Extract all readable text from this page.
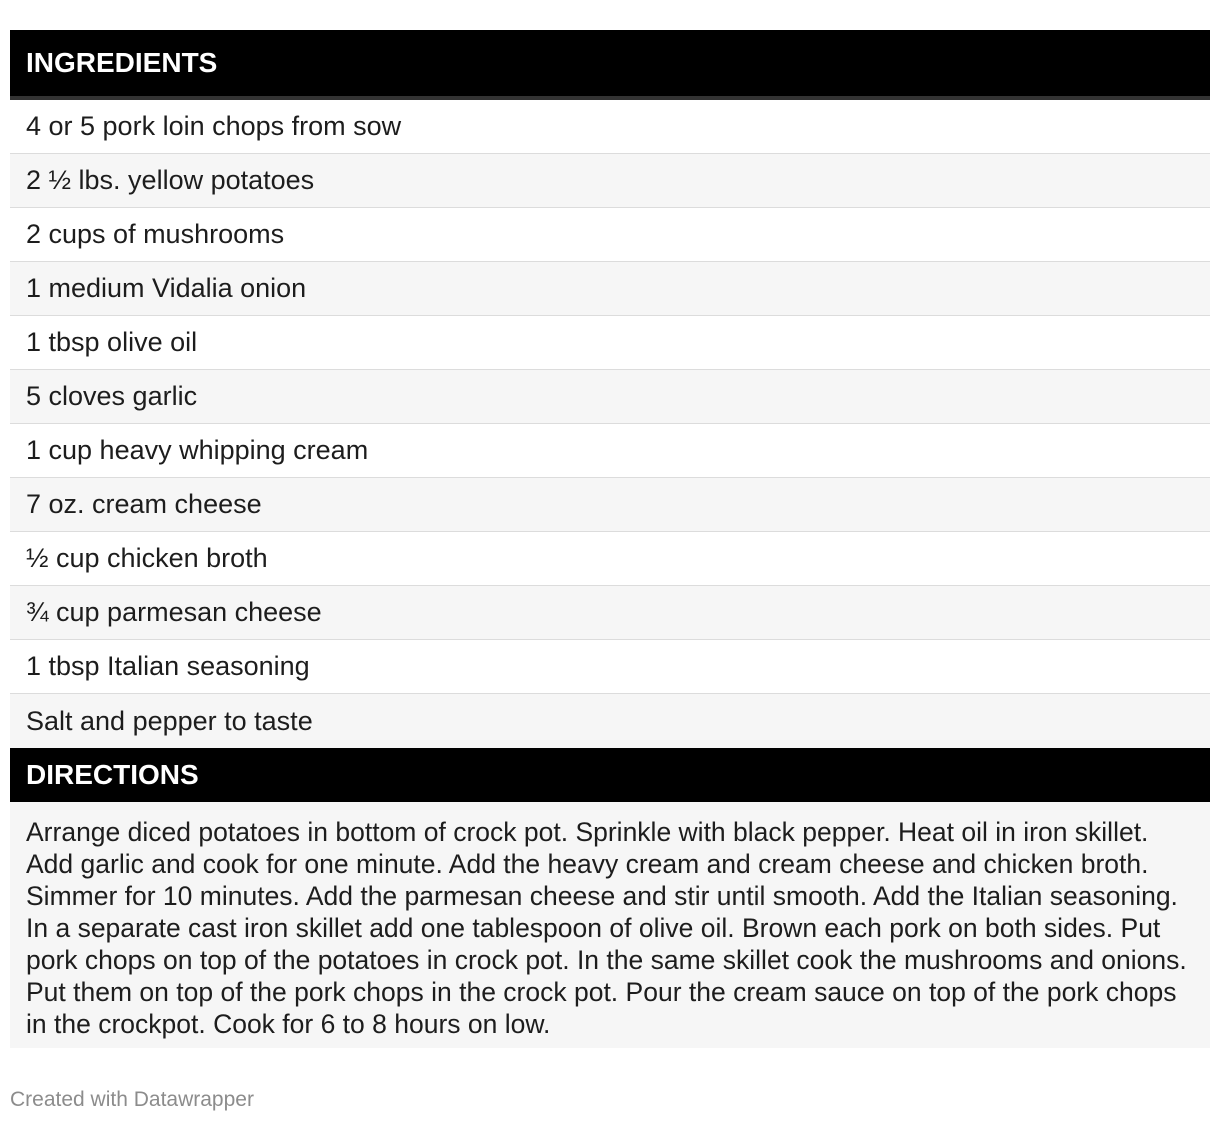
INGREDIENTS
4 or 5 pork loin chops from sow
2 ½ lbs. yellow potatoes
2 cups of mushrooms
1 medium Vidalia onion
1 tbsp olive oil
5 cloves garlic
1 cup heavy whipping cream
7 oz. cream cheese
½ cup chicken broth
¾ cup parmesan cheese
1 tbsp Italian seasoning
Salt and pepper to taste
DIRECTIONS
Arrange diced potatoes in bottom of crock pot. Sprinkle with black pepper. Heat oil in iron skillet. Add garlic and cook for one minute. Add the heavy cream and cream cheese and chicken broth. Simmer for 10 minutes. Add the parmesan cheese and stir until smooth. Add the Italian seasoning. In a separate cast iron skillet add one tablespoon of olive oil. Brown each pork on both sides. Put pork chops on top of the potatoes in crock pot. In the same skillet cook the mushrooms and onions. Put them on top of the pork chops in the crock pot. Pour the cream sauce on top of the pork chops in the crockpot. Cook for 6 to 8 hours on low.
Created with Datawrapper
